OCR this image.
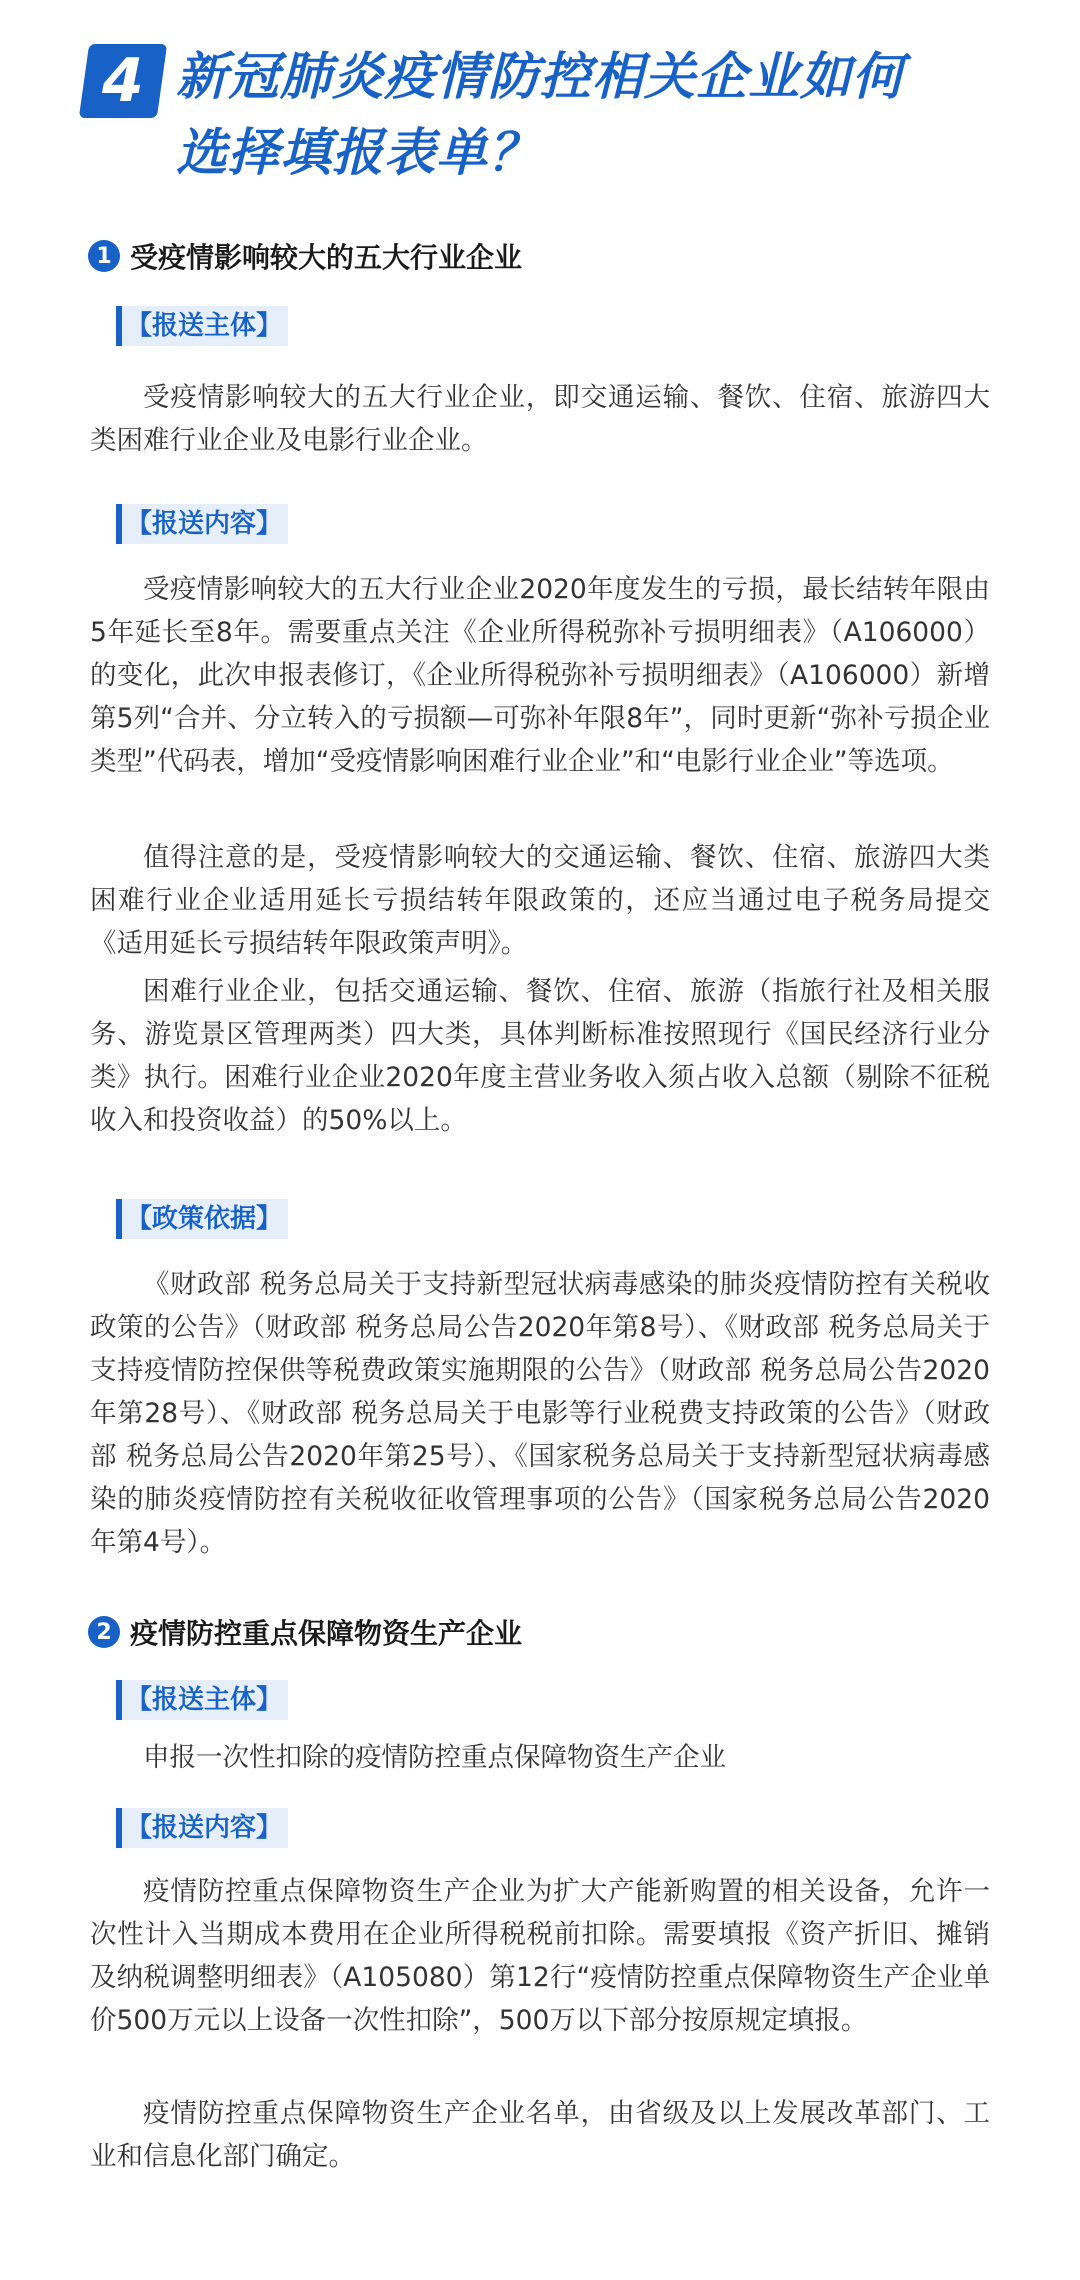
4 新冠肺炎疫情防控相关企业如何
选择填报表单？
1 受疫情影响较大的五大行业企业
【报送主体】
受疫情影响较大的五大行业企业，即交通运输、餐饮、住宿、旅游四大类困难行业企业及电影行业企业。
【报送内容】
受疫情影响较大的五大行业企业2020年度发生的亏损，最长结转年限由5年延长至8年。需要重点关注《企业所得税弥补亏损明细表》（A106000）的变化，此次申报表修订，《企业所得税弥补亏损明细表》（A106000）新增第5列“合并、分立转入的亏损额—可弥补年限8年”，同时更新“弥补亏损企业类型”代码表，增加“受疫情影响困难行业企业”和“电影行业企业”等选项。
值得注意的是，受疫情影响较大的交通运输、餐饮、住宿、旅游四大类困难行业企业适用延长亏损结转年限政策的，还应当通过电子税务局提交《适用延长亏损结转年限政策声明》。
困难行业企业，包括交通运输、餐饮、住宿、旅游（指旅行社及相关服务、游览景区管理两类）四大类，具体判断标准按照现行《国民经济行业分类》执行。困难行业企业2020年度主营业务收入须占收入总额（剔除不征税收入和投资收益）的50%以上。
【政策依据】
《财政部 税务总局关于支持新型冠状病毒感染的肺炎疫情防控有关税收政策的公告》（财政部 税务总局公告2020年第8号）、《财政部 税务总局关于支持疫情防控保供等税费政策实施期限的公告》（财政部 税务总局公告2020年第28号）、《财政部 税务总局关于电影等行业税费支持政策的公告》（财政部 税务总局公告2020年第25号）、《国家税务总局关于支持新型冠状病毒感染的肺炎疫情防控有关税收征收管理事项的公告》（国家税务总局公告2020年第4号）。
2 疫情防控重点保障物资生产企业
【报送主体】
申报一次性扣除的疫情防控重点保障物资生产企业
【报送内容】
疫情防控重点保障物资生产企业为扩大产能新购置的相关设备，允许一次性计入当期成本费用在企业所得税税前扣除。需要填报《资产折旧、摊销及纳税调整明细表》（A105080）第12行“疫情防控重点保障物资生产企业单价500万元以上设备一次性扣除”，500万以下部分按原规定填报。
疫情防控重点保障物资生产企业名单，由省级及以上发展改革部门、工业和信息化部门确定。
